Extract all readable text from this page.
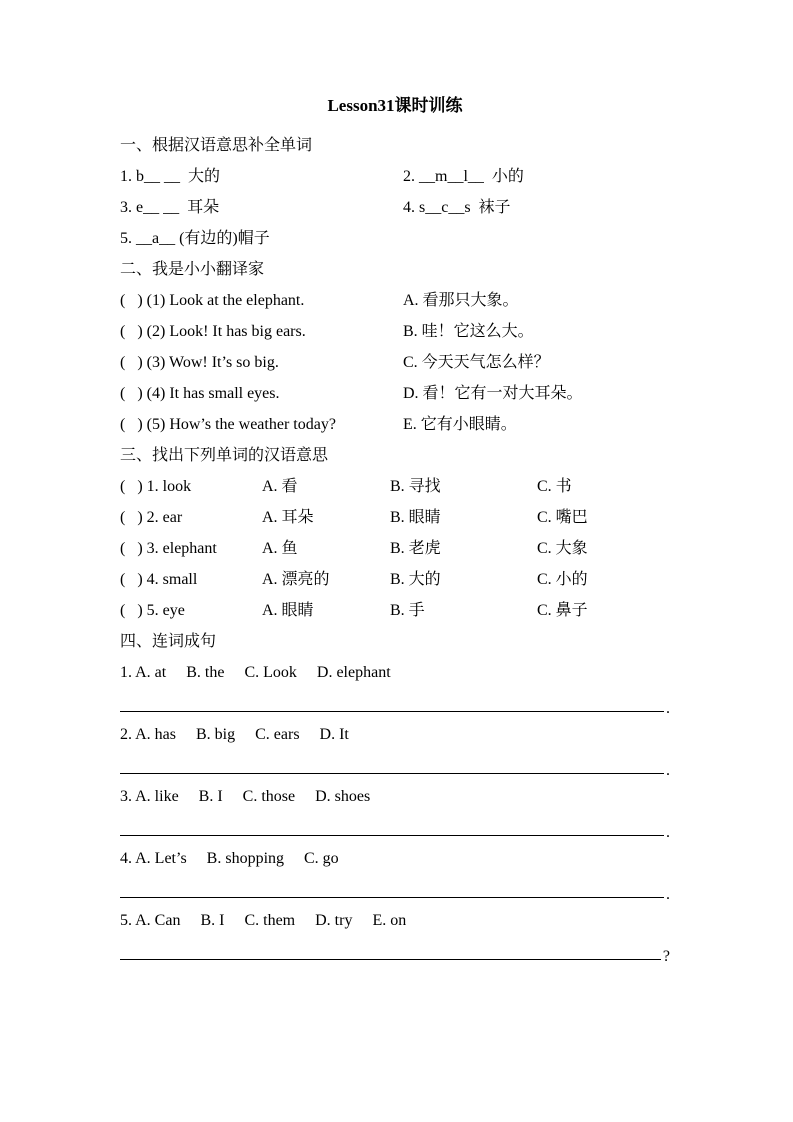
Lesson31课时训练
一、根据汉语意思补全单词
1. b__ __  大的	2. __m__l__  小的
3. e__ __  耳朵	4. s__c__s  袜子
5. __a__ (有边的)帽子
二、我是小小翻译家
(   ) (1) Look at the elephant.	A. 看那只大象。
(   ) (2) Look! It has big ears.	B. 哇！它这么大。
(   ) (3) Wow! It’s so big.	C. 今天天气怎么样？
(   ) (4) It has small eyes.	D. 看！它有一对大耳朵。
(   ) (5) How’s the weather today?	E. 它有小眼睛。
三、找出下列单词的汉语意思
(   ) 1. look	A. 看	B. 寻找	C. 书
(   ) 2. ear	A. 耳朵	B. 眼睛	C. 嘴巴
(   ) 3. elephant	A. 鱼	B. 老虎	C. 大象
(   ) 4. small	A. 漂亮的	B. 大的	C. 小的
(   ) 5. eye	A. 眼睛	B. 手	C. 鼻子
四、连词成句
1. A. at     B. the     C. Look     D. elephant
.
2. A. has     B. big     C. ears     D. It
.
3. A. like     B. I     C. those     D. shoes
.
4. A. Let’s     B. shopping     C. go
.
5. A. Can     B. I     C. them     D. try     E. on
?
